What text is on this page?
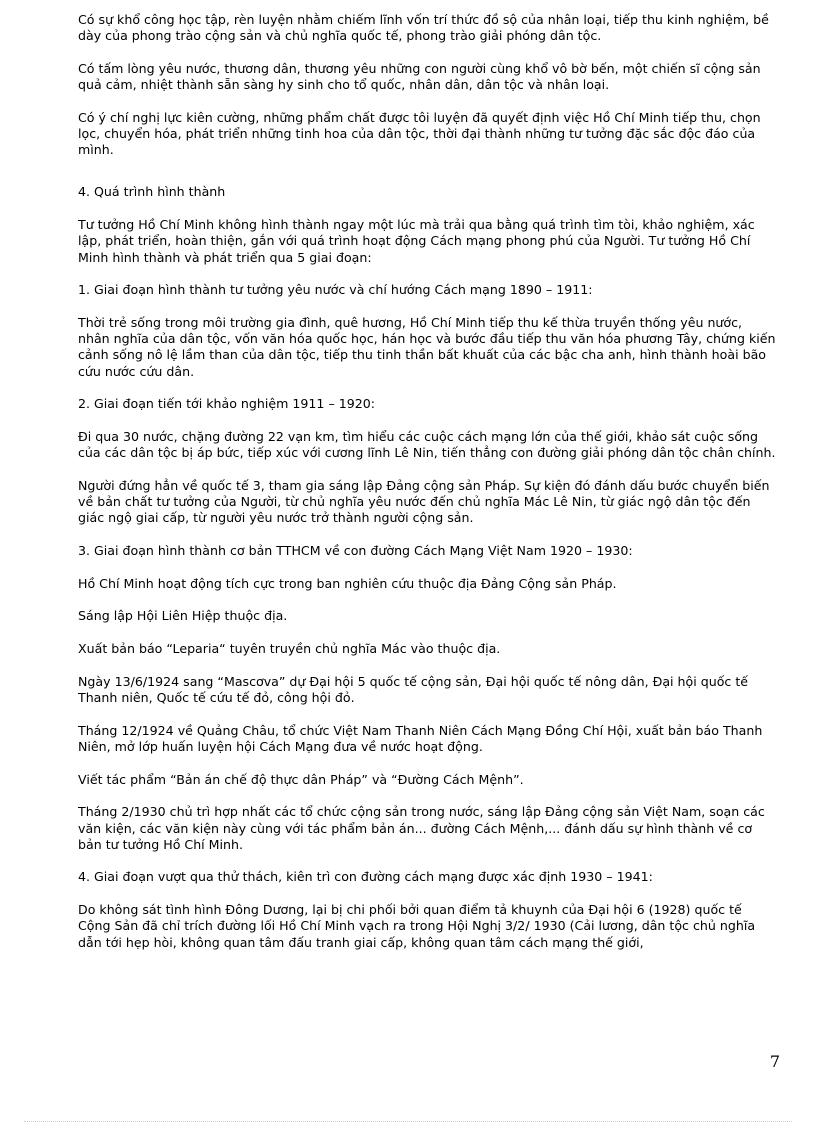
Có sự khổ công học tập, rèn luyện nhằm chiếm lĩnh vốn trí thức đồ sộ của nhân loại, tiếp thu kinh nghiệm, bề dày của phong trào cộng sản và chủ nghĩa quốc tế, phong trào giải phóng dân tộc.

Có tấm lòng yêu nước, thương dân, thương yêu những con người cùng khổ vô bờ bến, một chiến sĩ cộng sản quả cảm, nhiệt thành sẵn sàng hy sinh cho tổ quốc, nhân dân, dân tộc và nhân loại.

Có ý chí nghị lực kiên cường, những phẩm chất được tôi luyện đã quyết định việc Hồ Chí Minh tiếp thu, chọn lọc, chuyển hóa, phát triển những tinh hoa của dân tộc, thời đại thành những tư tưởng đặc sắc độc đáo của mình.

4. Quá trình hình thành

Tư tưởng Hồ Chí Minh không hình thành ngay một lúc mà trải qua bằng quá trình tìm tòi, khảo nghiệm, xác lập, phát triển, hoàn thiện, gắn với quá trình hoạt động Cách mạng phong phú của Người. Tư tưởng Hồ Chí Minh hình thành và phát triển qua 5 giai đoạn:

1. Giai đoạn hình thành tư tưởng yêu nước và chí hướng Cách mạng 1890 – 1911:

Thời trẻ sống trong môi trường gia đình, quê hương, Hồ Chí Minh tiếp thu kế thừa truyền thống yêu nước, nhân nghĩa của dân tộc, vốn văn hóa quốc học, hán học và bước đầu tiếp thu văn hóa phương Tây, chứng kiến cảnh sống nô lệ lầm than của dân tộc, tiếp thu tinh thần bất khuất của các bậc cha anh, hình thành hoài bão cứu nước cứu dân.

2. Giai đoạn tiến tới khảo nghiệm 1911 – 1920:

Đi qua 30 nước, chặng đường 22 vạn km, tìm hiểu các cuộc cách mạng lớn của thế giới, khảo sát cuộc sống của các dân tộc bị áp bức, tiếp xúc với cương lĩnh Lê Nin, tiến thẳng con đường giải phóng dân tộc chân chính.

Người đứng hẳn về quốc tế 3, tham gia sáng lập Đảng cộng sản Pháp. Sự kiện đó đánh dấu bước chuyển biến về bản chất tư tưởng của Người, từ chủ nghĩa yêu nước đến chủ nghĩa Mác Lê Nin, từ giác ngộ dân tộc đến giác ngộ giai cấp, từ người yêu nước trở thành người cộng sản.

3. Giai đoạn hình thành cơ bản TTHCM về con đường Cách Mạng Việt Nam 1920 – 1930:

Hồ Chí Minh hoạt động tích cực trong ban nghiên cứu thuộc địa Đảng Cộng sản Pháp.

Sáng lập Hội Liên Hiệp thuộc địa.

Xuất bản báo “Leparia“ tuyên truyền chủ nghĩa Mác vào thuộc địa.

Ngày 13/6/1924 sang “Mascơva” dự Đại hội 5 quốc tế cộng sản, Đại hội quốc tế nông dân, Đại hội quốc tế Thanh niên, Quốc tế cứu tế đỏ, công hội đỏ.

Tháng 12/1924 về Quảng Châu, tổ chức Việt Nam Thanh Niên Cách Mạng Đồng Chí Hội, xuất bản báo Thanh Niên, mở lớp huấn luyện hội Cách Mạng đưa về nước hoạt động.

Viết tác phẩm “Bản án chế độ thực dân Pháp” và “Đường Cách Mệnh”.

Tháng 2/1930 chủ trì hợp nhất các tổ chức cộng sản trong nước, sáng lập Đảng cộng sản Việt Nam, soạn các văn kiện, các văn kiện này cùng với tác phẩm bản án... đường Cách Mệnh,... đánh dấu sự hình thành về cơ bản tư tưởng Hồ Chí Minh.

4. Giai đoạn vượt qua thử thách, kiên trì con đường cách mạng được xác định 1930 – 1941:

Do không sát tình hình Đông Dương, lại bị chi phối bởi quan điểm tả khuynh của Đại hội 6 (1928) quốc tế Cộng Sản đã chỉ trích đường lối Hồ Chí Minh vạch ra trong Hội Nghị 3/2/ 1930 (Cải lương, dân tộc chủ nghĩa dẫn tới hẹp hòi, không quan tâm đấu tranh giai cấp, không quan tâm cách mạng thế giới,

7
